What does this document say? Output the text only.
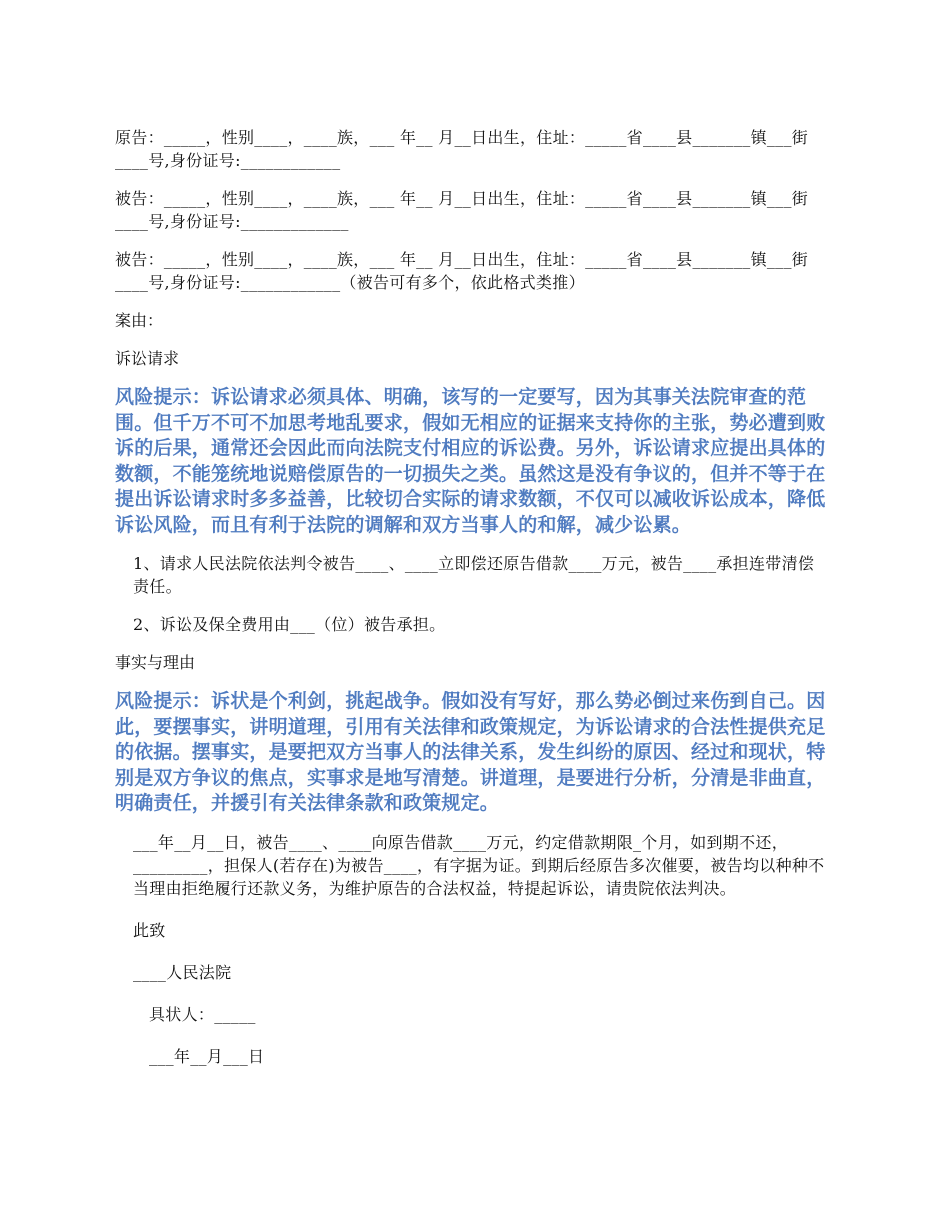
原告：_____，性别____，____族，___ 年__ 月__日出生，住址：_____省____县_______镇___街____号,身份证号:____________

被告：_____，性别____，____族，___ 年__ 月__日出生，住址：_____省____县_______镇___街____号,身份证号:_____________

被告：_____，性别____，____族，___ 年__ 月__日出生，住址：_____省____县_______镇___街____号,身份证号:____________（被告可有多个，依此格式类推）

案由：

诉讼请求

风险提示：诉讼请求必须具体、明确，该写的一定要写，因为其事关法院审查的范围。但千万不可不加思考地乱要求，假如无相应的证据来支持你的主张，势必遭到败诉的后果，通常还会因此而向法院支付相应的诉讼费。另外，诉讼请求应提出具体的数额，不能笼统地说赔偿原告的一切损失之类。虽然这是没有争议的，但并不等于在提出诉讼请求时多多益善，比较切合实际的请求数额，不仅可以减收诉讼成本，降低诉讼风险，而且有利于法院的调解和双方当事人的和解，减少讼累。

1、请求人民法院依法判令被告____、____立即偿还原告借款____万元，被告____承担连带清偿责任。

2、诉讼及保全费用由___（位）被告承担。

事实与理由

风险提示：诉状是个利剑，挑起战争。假如没有写好，那么势必倒过来伤到自己。因此，要摆事实，讲明道理，引用有关法律和政策规定，为诉讼请求的合法性提供充足的依据。摆事实，是要把双方当事人的法律关系，发生纠纷的原因、经过和现状，特别是双方争议的焦点，实事求是地写清楚。讲道理，是要进行分析，分清是非曲直，明确责任，并援引有关法律条款和政策规定。

___年__月__日，被告____、____向原告借款____万元，约定借款期限_个月，如到期不还，_________，担保人(若存在)为被告____，有字据为证。到期后经原告多次催要，被告均以种种不当理由拒绝履行还款义务，为维护原告的合法权益，特提起诉讼，请贵院依法判决。

此致

____人民法院

具状人：_____

___年__月___日
